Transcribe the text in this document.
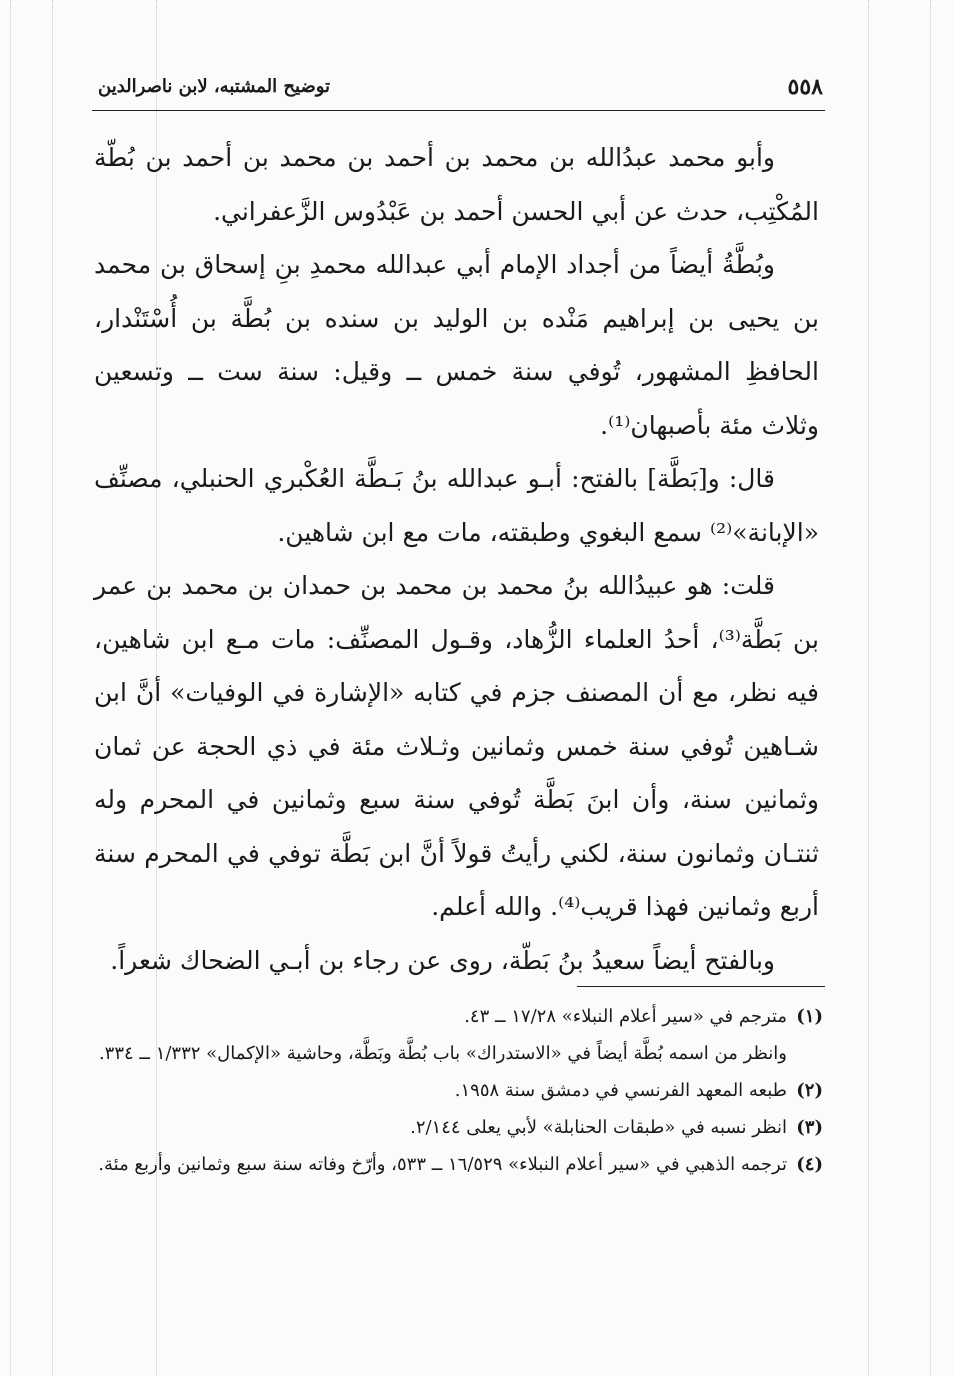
٥٥٨
توضيح المشتبه، لابن ناصرالدين

وأبو محمد عبدُالله بن محمد بن أحمد بن محمد بن أحمد بن بُطّة المُكْتِب، حدث عن أبي الحسن أحمد بن عَبْدُوس الزَّعفراني.

وبُطَّةُ أيضاً من أجداد الإمام أبي عبدالله محمدِ بنِ إسحاق بن محمد بن يحيى بن إبراهيم مَنْده بن الوليد بن سنده بن بُطَّة بن أُسْتَنْدار، الحافظِ المشهور، تُوفي سنة خمس ــ وقيل: سنة ست ــ وتسعين وثلاث مئة بأصبهان⁽¹⁾.

قال: و[بَطَّة] بالفتح: أبـو عبدالله بنُ بَـطَّة العُكْبري الحنبلي، مصنِّف «الإبانة»⁽²⁾ سمع البغوي وطبقته، مات مع ابن شاهين.

قلت: هو عبيدُالله بنُ محمد بن محمد بن حمدان بن محمد بن عمر بن بَطَّة⁽³⁾، أحدُ العلماء الزُّهاد، وقـول المصنِّف: مات مـع ابن شاهين، فيه نظر، مع أن المصنف جزم في كتابه «الإشارة في الوفيات» أنَّ ابن شـاهين تُوفي سنة خمس وثمانين وثـلاث مئة في ذي الحجة عن ثمان وثمانين سنة، وأن ابنَ بَطَّة تُوفي سنة سبع وثمانين في المحرم وله ثنتـان وثمانون سنة، لكني رأيتُ قولاً أنَّ ابن بَطَّة توفي في المحرم سنة أربع وثمانين فهذا قريب⁽⁴⁾. والله أعلم.

وبالفتح أيضاً سعيدُ بنُ بَطّة، روى عن رجاء بن أبـي الضحاك شعراً.

(١)
مترجم في «سير أعلام النبلاء» ١٧/٢٨ ــ ٤٣.
وانظر من اسمه بُطَّة أيضاً في «الاستدراك» باب بُطَّة وبَطَّة، وحاشية «الإكمال» ١/٣٣٢ ــ ٣٣٤.
(٢)
طبعه المعهد الفرنسي في دمشق سنة ١٩٥٨.
(٣)
انظر نسبه في «طبقات الحنابلة» لأبي يعلى ٢/١٤٤.
(٤)
ترجمه الذهبي في «سير أعلام النبلاء» ١٦/٥٢٩ ــ ٥٣٣، وأرّخ وفاته سنة سبع وثمانين وأربع مئة.
